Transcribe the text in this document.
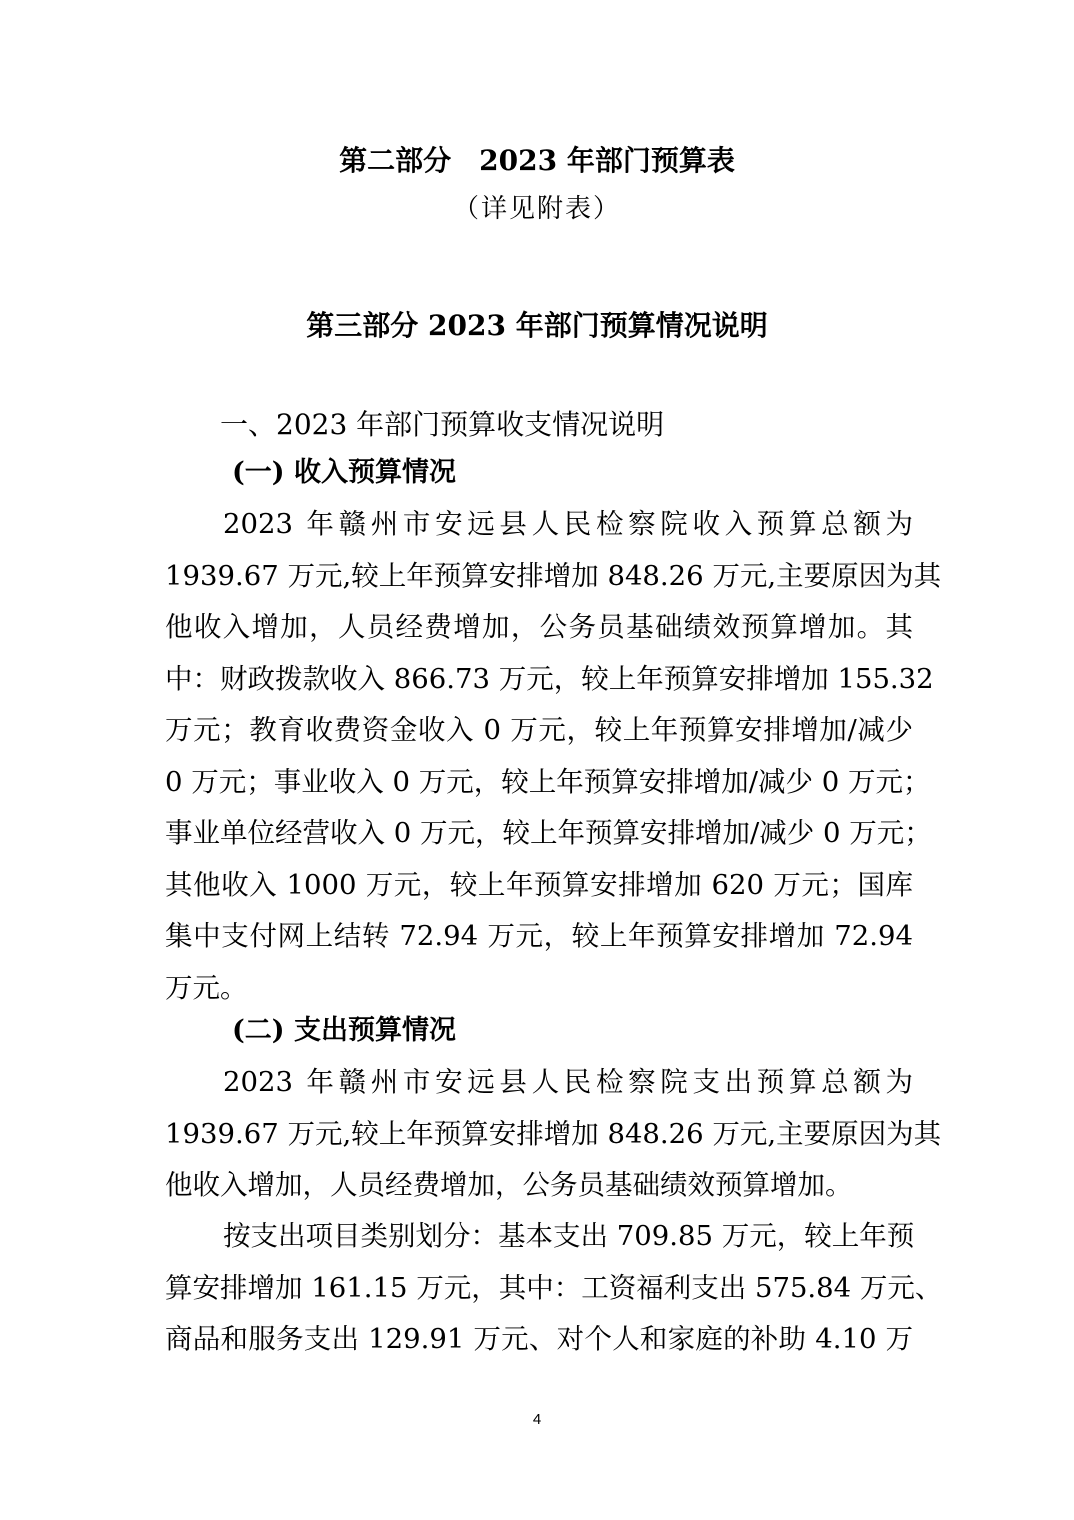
第二部分　2023 年部门预算表
（详见附表）
第三部分 2023 年部门预算情况说明
一、2023 年部门预算收支情况说明
(一) 收入预算情况
2023 年赣州市安远县人民检察院收入预算总额为
1939.67 万元,较上年预算安排增加 848.26 万元,主要原因为其
他收入增加，人员经费增加，公务员基础绩效预算增加。其
中：财政拨款收入 866.73 万元，较上年预算安排增加 155.32
万元；教育收费资金收入 0 万元，较上年预算安排增加/减少
0 万元；事业收入 0 万元，较上年预算安排增加/减少 0 万元；
事业单位经营收入 0 万元，较上年预算安排增加/减少 0 万元；
其他收入 1000 万元，较上年预算安排增加 620 万元；国库
集中支付网上结转 72.94 万元，较上年预算安排增加 72.94
万元。
(二) 支出预算情况
2023 年赣州市安远县人民检察院支出预算总额为
1939.67 万元,较上年预算安排增加 848.26 万元,主要原因为其
他收入增加，人员经费增加，公务员基础绩效预算增加。
按支出项目类别划分：基本支出 709.85 万元，较上年预
算安排增加 161.15 万元，其中：工资福利支出 575.84 万元、
商品和服务支出 129.91 万元、对个人和家庭的补助 4.10 万
4
